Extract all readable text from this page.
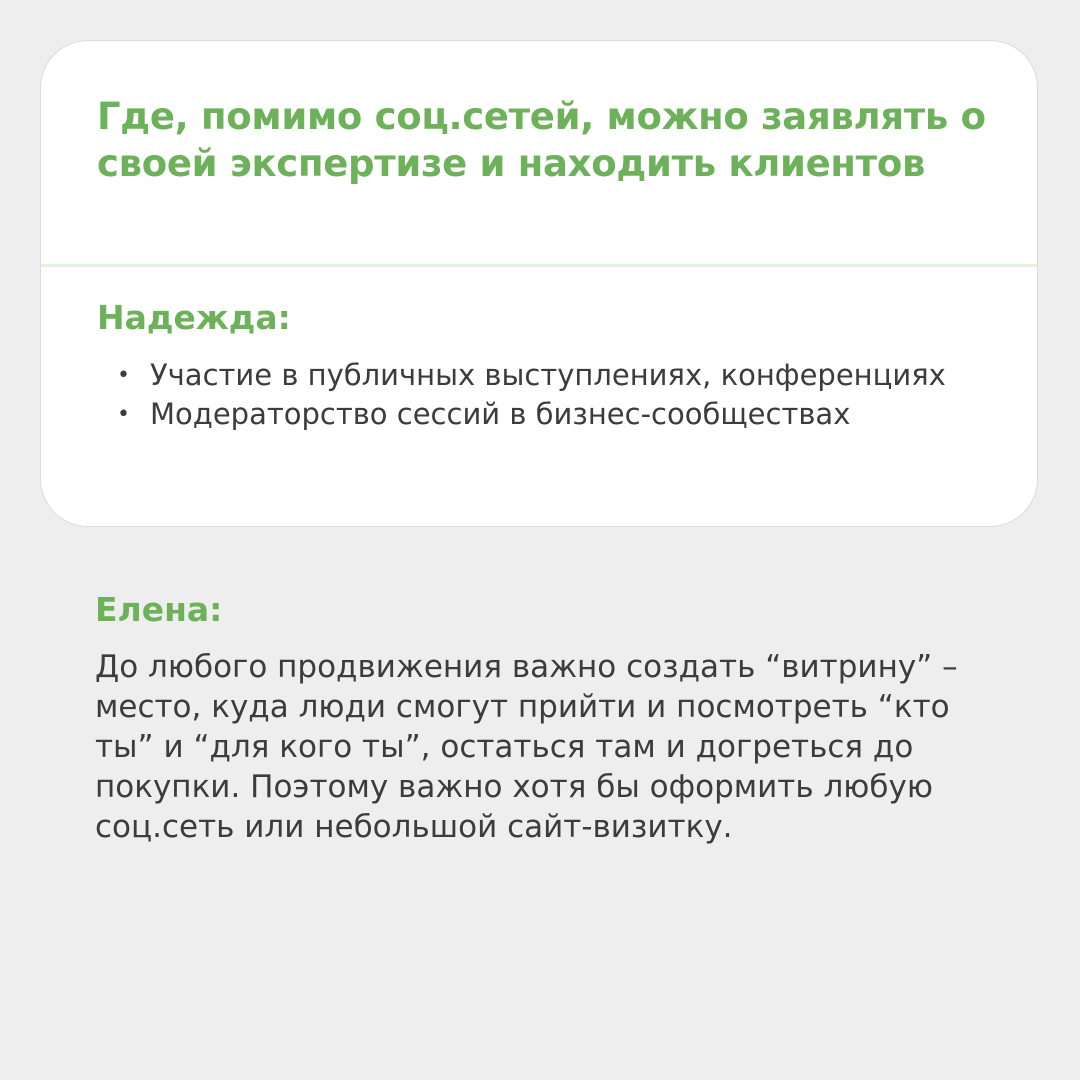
Где, помимо соц.сетей, можно заявлять о своей экспертизе и находить клиентов
Надежда:
• Участие в публичных выступлениях, конференциях
• Модераторство сессий в бизнес-сообществах
Елена:

До любого продвижения важно создать “витрину” – место, куда люди смогут прийти и посмотреть “кто ты” и “для кого ты”, остаться там и догреться до покупки. Поэтому важно хотя бы оформить любую соц.сеть или небольшой сайт-визитку.
